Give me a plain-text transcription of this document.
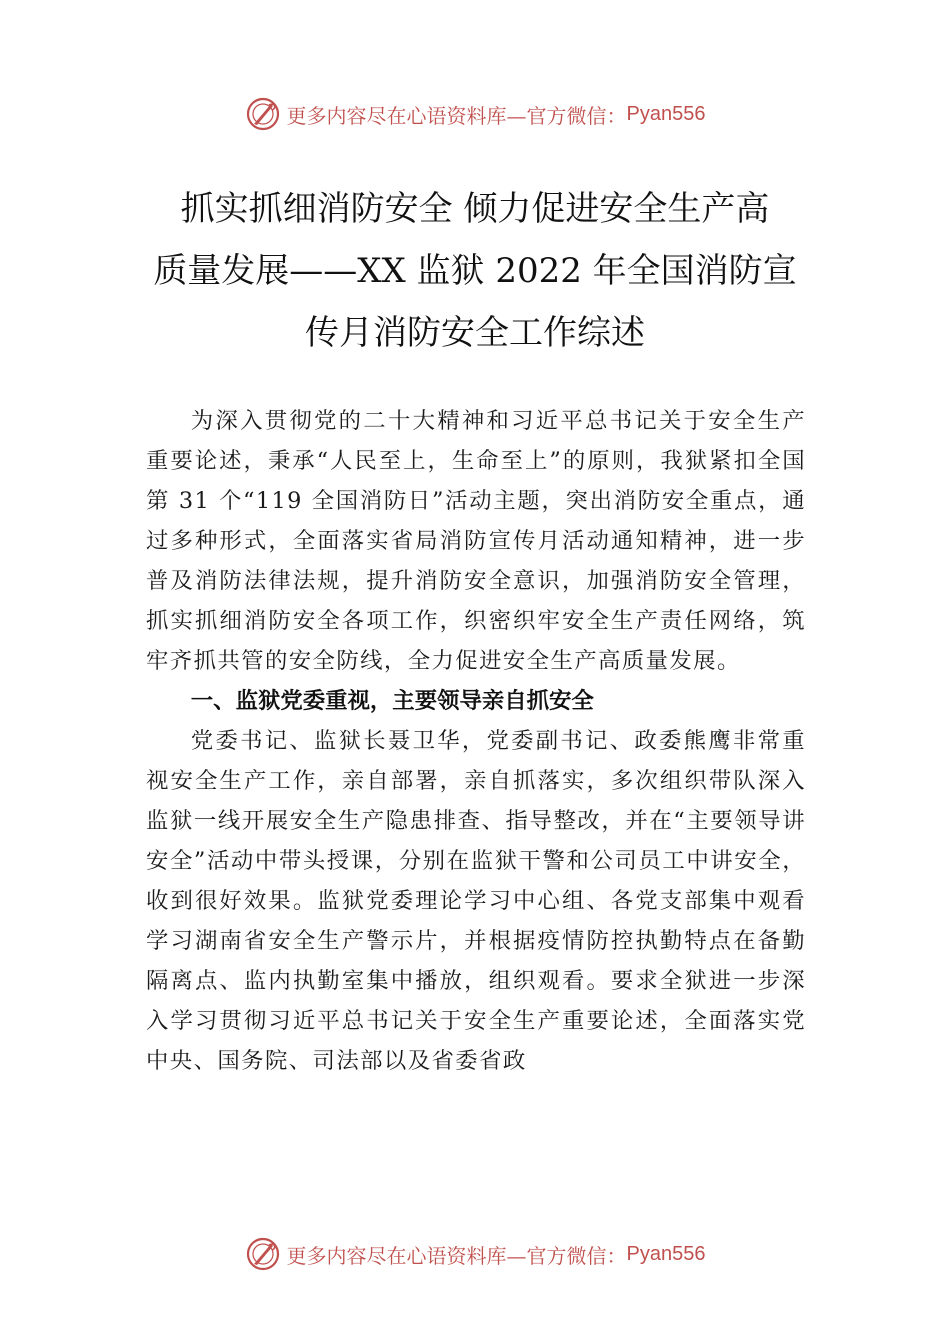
更多内容尽在心语资料库—官方微信： Pyan556
抓实抓细消防安全 倾力促进安全生产高
质量发展——XX 监狱 2022 年全国消防宣
传月消防安全工作综述

为深入贯彻党的二十大精神和习近平总书记关于安全生产重要论述，秉承“人民至上，生命至上”的原则，我狱紧扣全国第 31 个“119 全国消防日”活动主题，突出消防安全重点，通过多种形式，全面落实省局消防宣传月活动通知精神，进一步普及消防法律法规，提升消防安全意识，加强消防安全管理，抓实抓细消防安全各项工作，织密织牢安全生产责任网络，筑牢齐抓共管的安全防线，全力促进安全生产高质量发展。

一、监狱党委重视，主要领导亲自抓安全

党委书记、监狱长聂卫华，党委副书记、政委熊鹰非常重视安全生产工作，亲自部署，亲自抓落实，多次组织带队深入监狱一线开展安全生产隐患排查、指导整改，并在“主要领导讲安全”活动中带头授课，分别在监狱干警和公司员工中讲安全，收到很好效果。监狱党委理论学习中心组、各党支部集中观看学习湖南省安全生产警示片，并根据疫情防控执勤特点在备勤隔离点、监内执勤室集中播放，组织观看。要求全狱进一步深入学习贯彻习近平总书记关于安全生产重要论述，全面落实党中央、国务院、司法部以及省委省政

更多内容尽在心语资料库—官方微信： Pyan556
